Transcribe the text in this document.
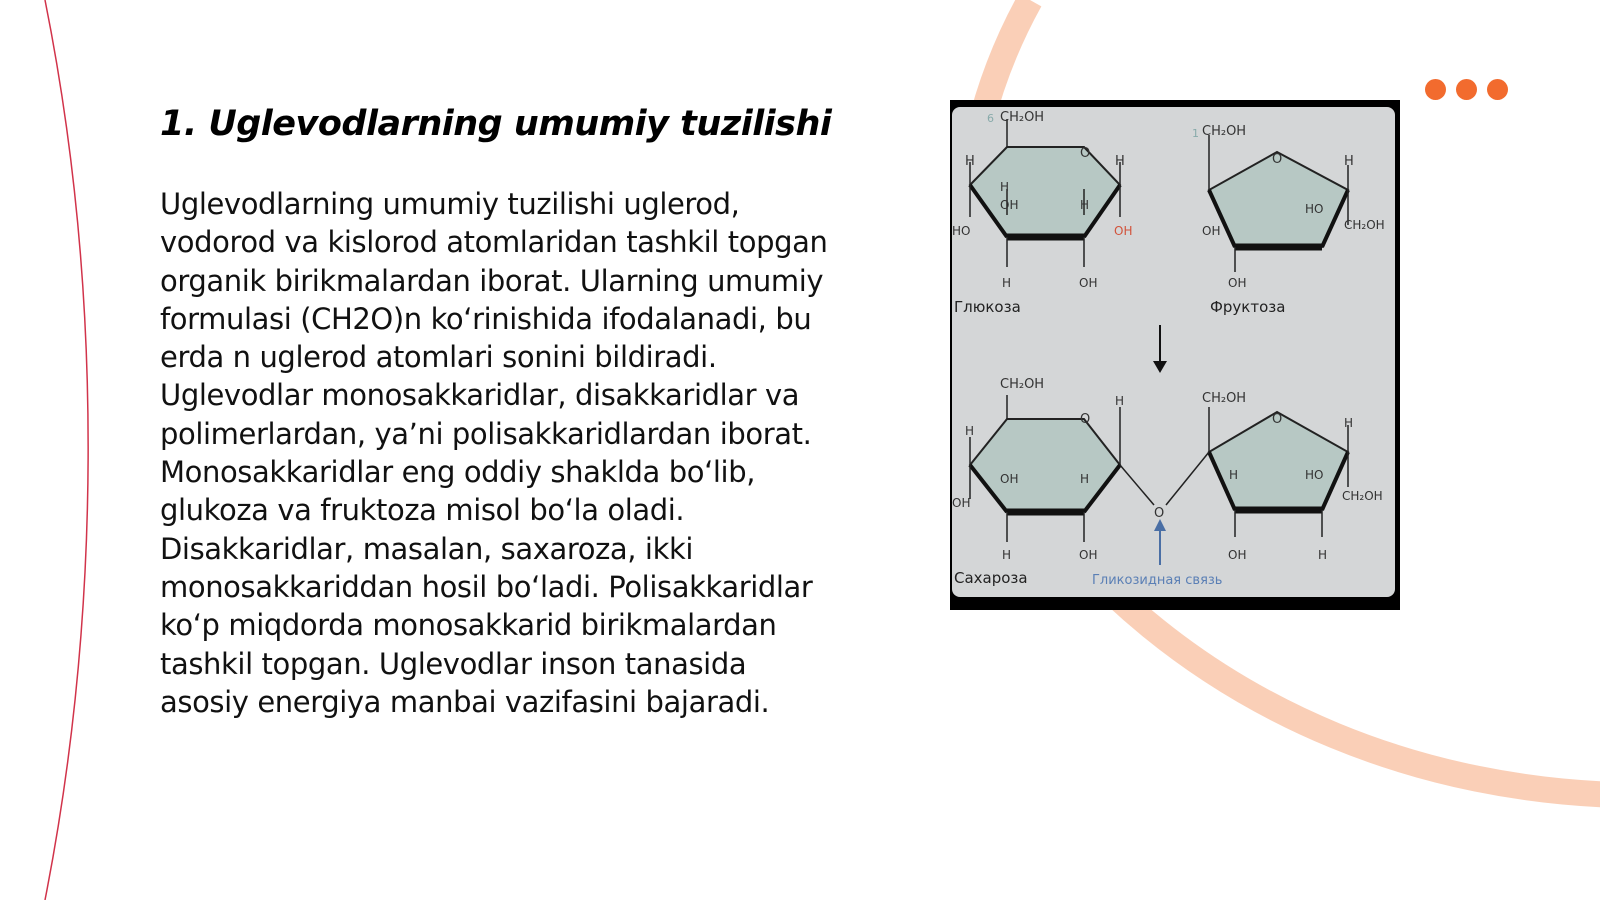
1. Uglevodlarning umumiy tuzilishi

Uglevodlarning umumiy tuzilishi uglerod, vodorod va kislorod atomlaridan tashkil topgan organik birikmalardan iborat. Ularning umumiy formulasi (CH2O)n koʻrinishida ifodalanadi, bu erda n uglerod atomlari sonini bildiradi. Uglevodlar monosakkaridlar, disakkaridlar va polimerlardan, yaʼni polisakkaridlardan iborat. Monosakkaridlar eng oddiy shaklda boʻlib, glukoza va fruktoza misol boʻla oladi. Disakkaridlar, masalan, saxaroza, ikki monosakkariddan hosil boʻladi. Polisakkaridlar koʻp miqdorda monosakkarid birikmalardan tashkil topgan. Uglevodlar inson tanasida asosiy energiya manbai vazifasini bajaradi.

6 CH₂OH
O
H	H
H
OH	H
HO	OH
H	OH
Глюкоза
1 CH₂OH
O	H
HO
CH₂OH
OH
OH
Фруктоза
CH₂OH
O
H
H
OH	H
OH
H	OH
O
CH₂OH
O	H
H	HO
CH₂OH
OH	H
Сахароза	Гликозидная связь
